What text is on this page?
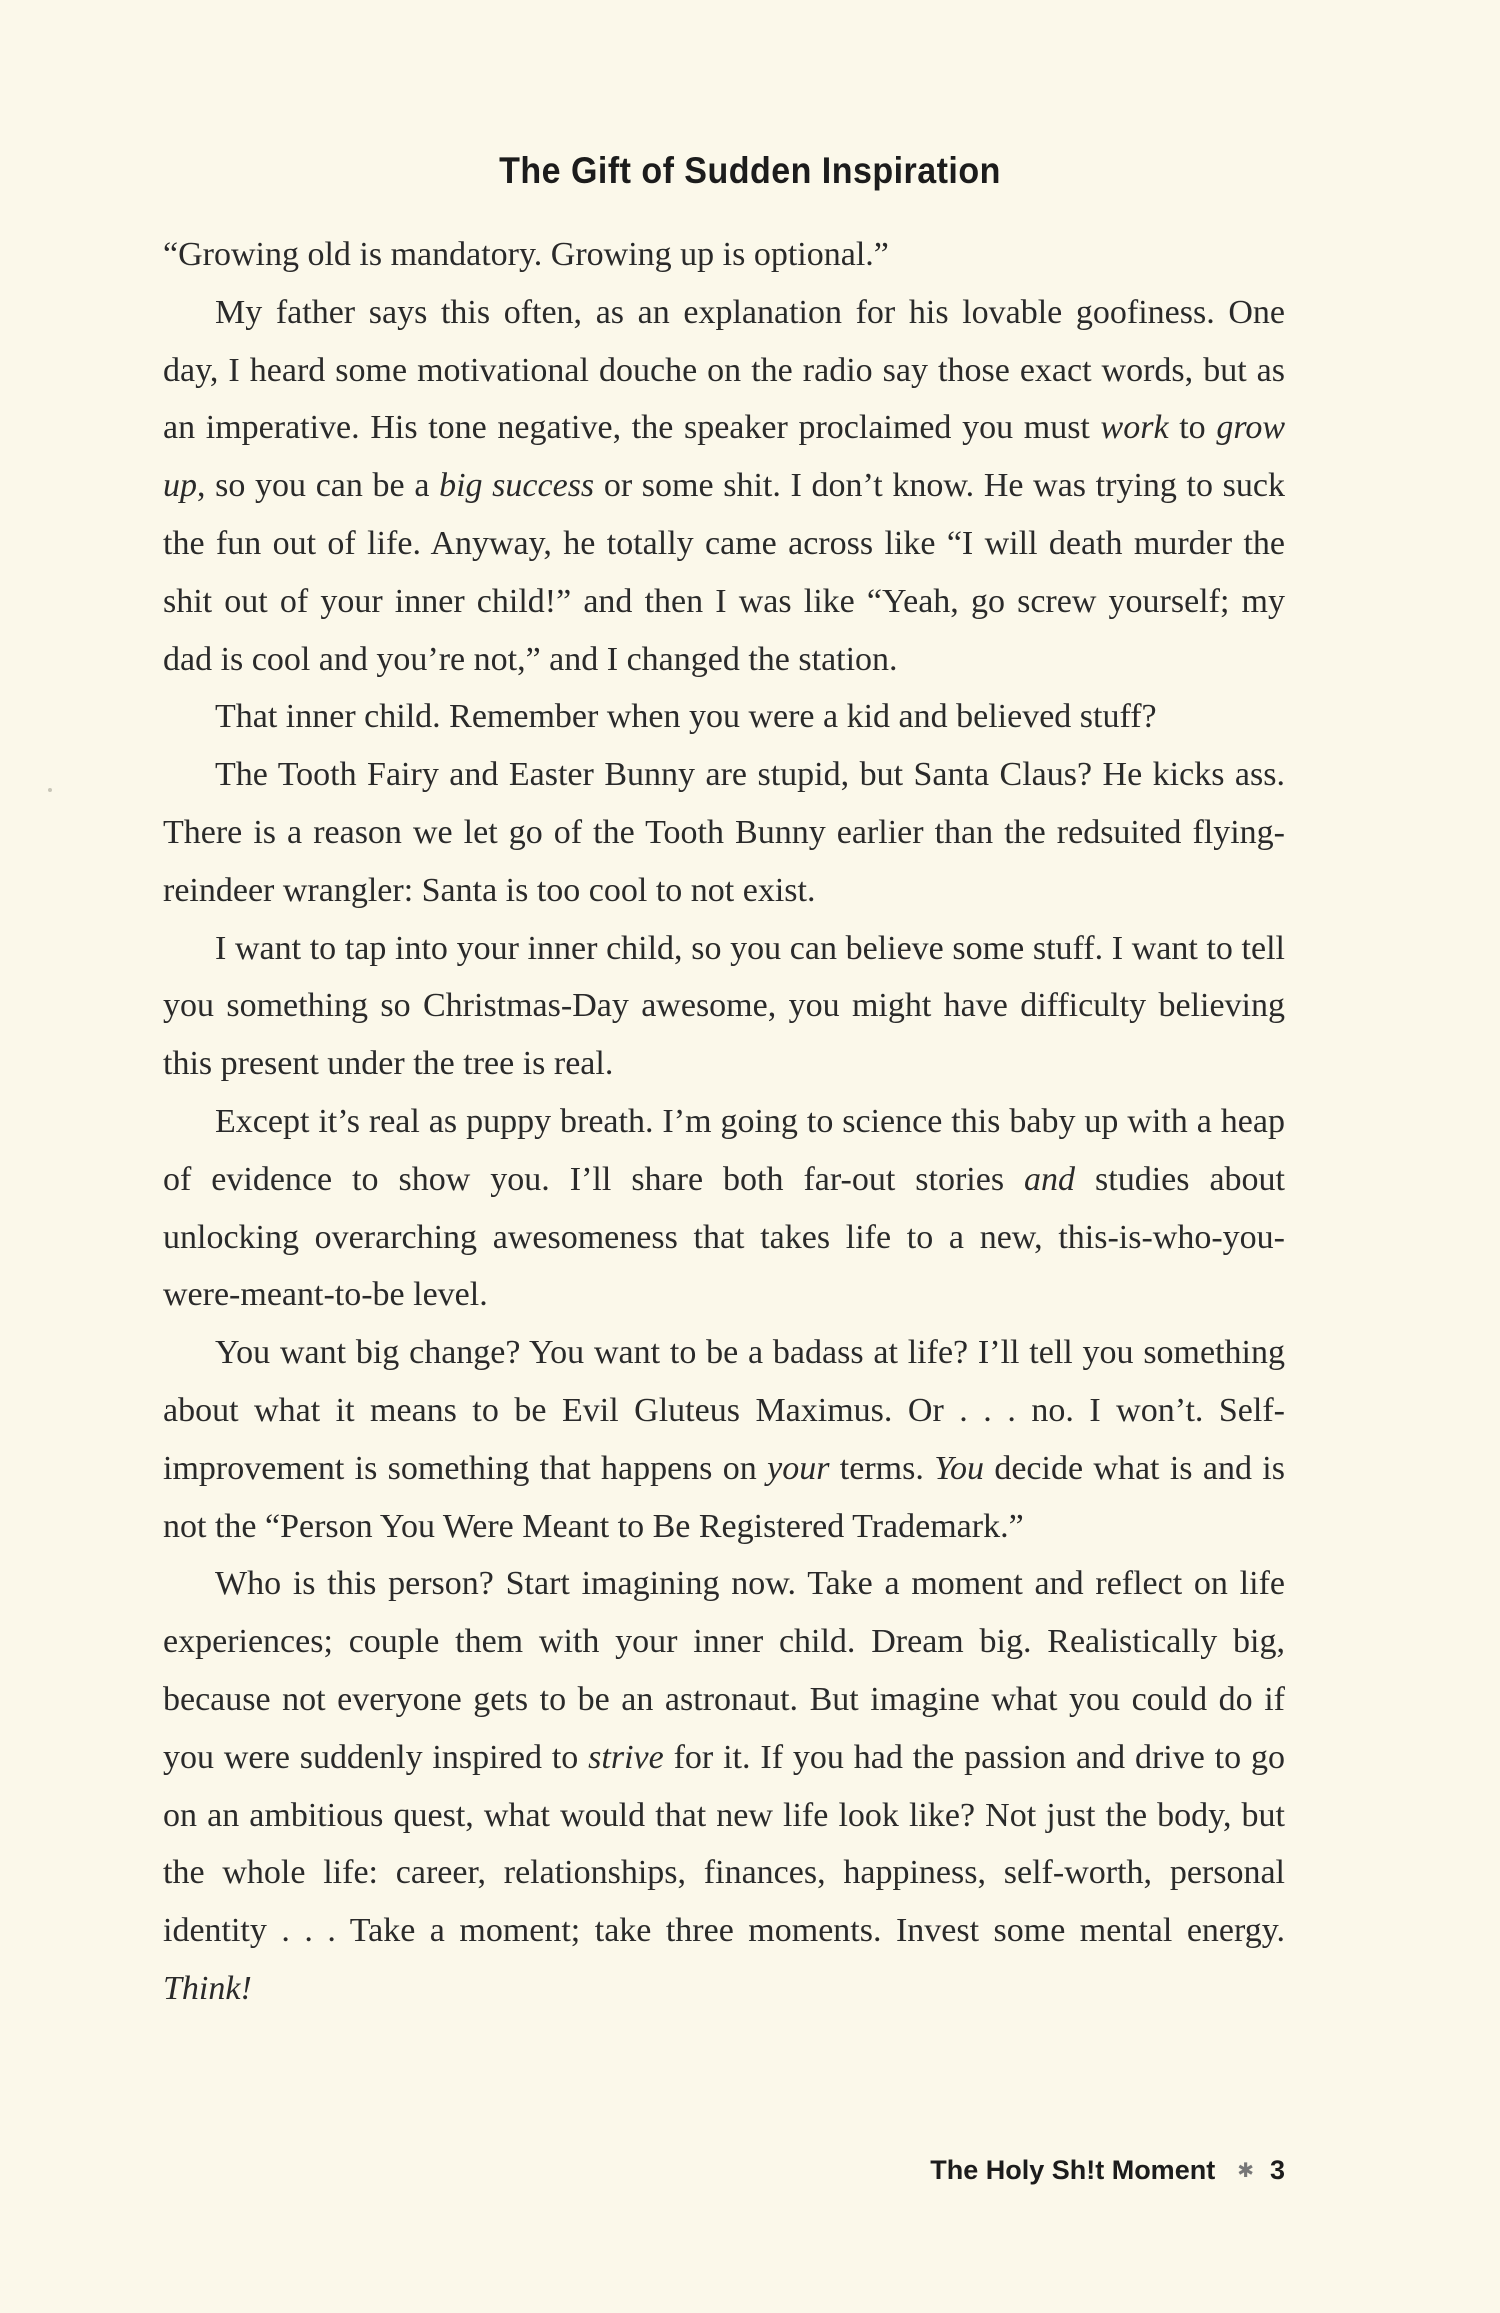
The Gift of Sudden Inspiration

“Growing old is mandatory. Growing up is optional.”

My father says this often, as an explanation for his lovable goofiness. One day, I heard some motivational douche on the radio say those exact words, but as an imperative. His tone negative, the speaker proclaimed you must work to grow up, so you can be a big success or some shit. I don’t know. He was trying to suck the fun out of life. Anyway, he totally came across like “I will death murder the shit out of your inner child!” and then I was like “Yeah, go screw yourself; my dad is cool and you’re not,” and I changed the station.

That inner child. Remember when you were a kid and believed stuff?

The Tooth Fairy and Easter Bunny are stupid, but Santa Claus? He kicks ass. There is a reason we let go of the Tooth Bunny earlier than the redsuited flying-reindeer wrangler: Santa is too cool to not exist.

I want to tap into your inner child, so you can believe some stuff. I want to tell you something so Christmas-Day awesome, you might have difficulty believing this present under the tree is real.

Except it’s real as puppy breath. I’m going to science this baby up with a heap of evidence to show you. I’ll share both far-out stories and studies about unlocking overarching awesomeness that takes life to a new, this-is-who-you-were-meant-to-be level.

You want big change? You want to be a badass at life? I’ll tell you something about what it means to be Evil Gluteus Maximus. Or . . . no. I won’t. Self-improvement is something that happens on your terms. You decide what is and is not the “Person You Were Meant to Be Registered Trademark.”

Who is this person? Start imagining now. Take a moment and reflect on life experiences; couple them with your inner child. Dream big. Realistically big, because not everyone gets to be an astronaut. But imagine what you could do if you were suddenly inspired to strive for it. If you had the passion and drive to go on an ambitious quest, what would that new life look like? Not just the body, but the whole life: career, relationships, finances, happiness, self-worth, personal identity . . . Take a moment; take three moments. Invest some mental energy. Think!

The Holy Sh!t Moment ✱ 3
